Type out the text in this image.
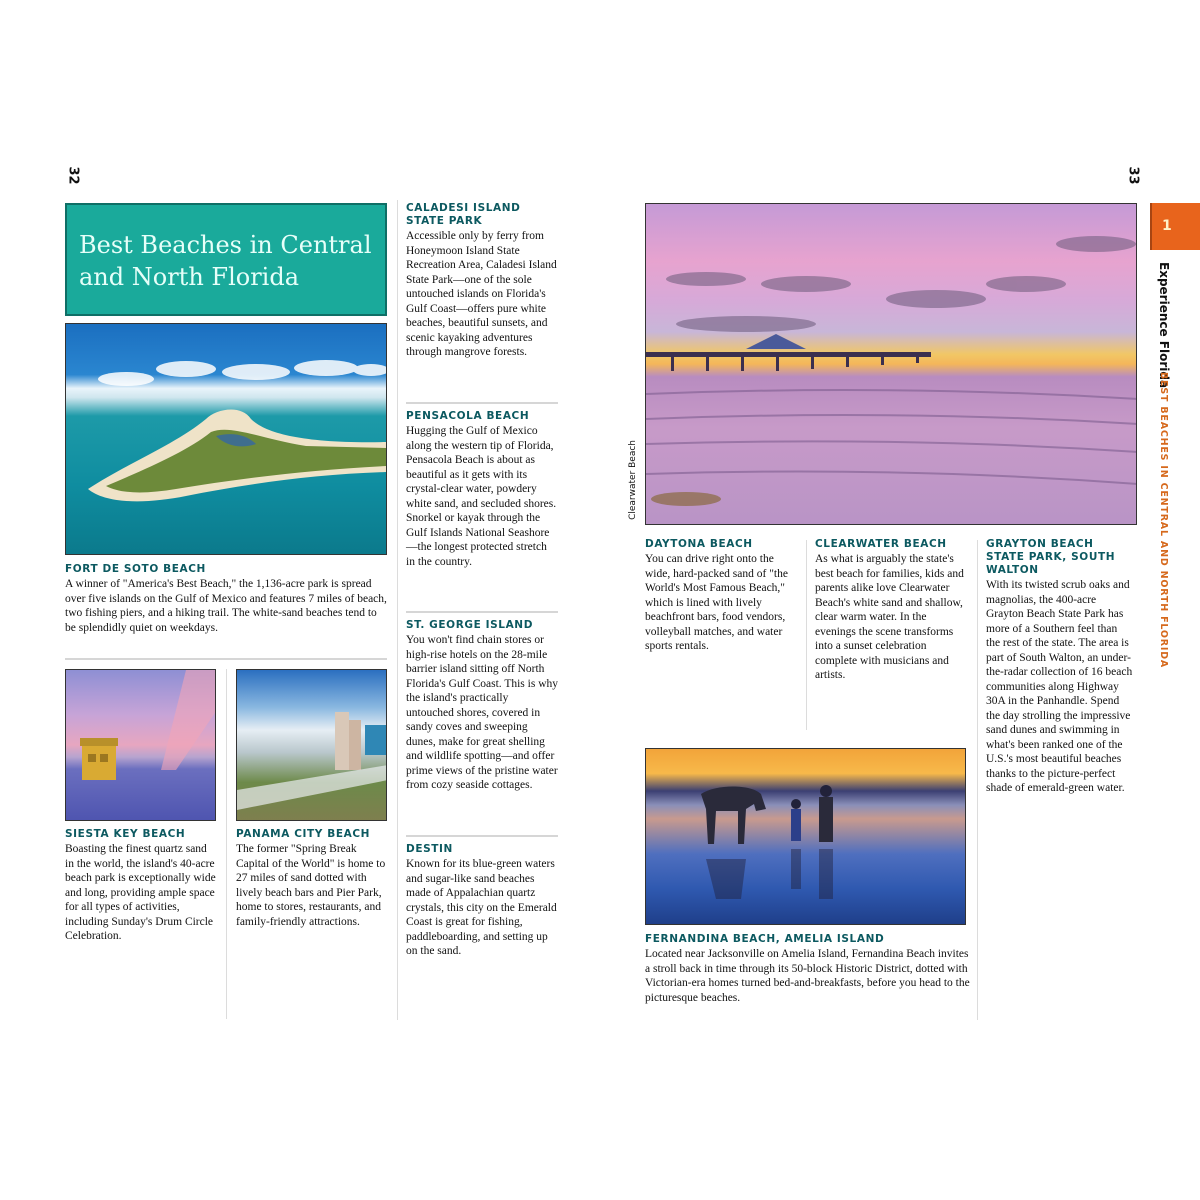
32
Best Beaches in Central and North Florida
FORT DE SOTO BEACH
A winner of "America's Best Beach," the 1,136-acre park is spread over five islands on the Gulf of Mexico and features 7 miles of beach, two fishing piers, and a hiking trail. The white-sand beaches tend to be splendidly quiet on weekdays.
SIESTA KEY BEACH
Boasting the finest quartz sand in the world, the island's 40-acre beach park is exceptionally wide and long, providing ample space for all types of activities, including Sunday's Drum Circle Celebration.
PANAMA CITY BEACH
The former "Spring Break Capital of the World" is home to 27 miles of sand dotted with lively beach bars and Pier Park, home to stores, restaurants, and family-friendly attractions.
CALADESI ISLAND STATE PARK
Accessible only by ferry from Honeymoon Island State Recreation Area, Caladesi Island State Park—one of the sole untouched islands on Florida's Gulf Coast—offers pure white beaches, beautiful sunsets, and scenic kayaking adventures through mangrove forests.
PENSACOLA BEACH
Hugging the Gulf of Mexico along the western tip of Florida, Pensacola Beach is about as beautiful as it gets with its crystal-clear water, powdery white sand, and secluded shores. Snorkel or kayak through the Gulf Islands National Seashore—the longest protected stretch in the country.
ST. GEORGE ISLAND
You won't find chain stores or high-rise hotels on the 28-mile barrier island sitting off North Florida's Gulf Coast. This is why the island's practically untouched shores, covered in sandy coves and sweeping dunes, make for great shelling and wildlife spotting—and offer prime views of the pristine water from cozy seaside cottages.
DESTIN
Known for its blue-green waters and sugar-like sand beaches made of Appalachian quartz crystals, this city on the Emerald Coast is great for fishing, paddleboarding, and setting up on the sand.
33
1
Experience Florida
BEST BEACHES IN CENTRAL AND NORTH FLORIDA
Clearwater Beach
DAYTONA BEACH
You can drive right onto the wide, hard-packed sand of "the World's Most Famous Beach," which is lined with lively beachfront bars, food vendors, volleyball matches, and water sports rentals.
CLEARWATER BEACH
As what is arguably the state's best beach for families, kids and parents alike love Clearwater Beach's white sand and shallow, clear warm water. In the evenings the scene transforms into a sunset celebration complete with musicians and artists.
GRAYTON BEACH STATE PARK, SOUTH WALTON
With its twisted scrub oaks and magnolias, the 400-acre Grayton Beach State Park has more of a Southern feel than the rest of the state. The area is part of South Walton, an under-the-radar collection of 16 beach communities along Highway 30A in the Panhandle. Spend the day strolling the impressive sand dunes and swimming in what's been ranked one of the U.S.'s most beautiful beaches thanks to the picture-perfect shade of emerald-green water.
FERNANDINA BEACH, AMELIA ISLAND
Located near Jacksonville on Amelia Island, Fernandina Beach invites a stroll back in time through its 50-block Historic District, dotted with Victorian-era homes turned bed-and-breakfasts, before you head to the picturesque beaches.
